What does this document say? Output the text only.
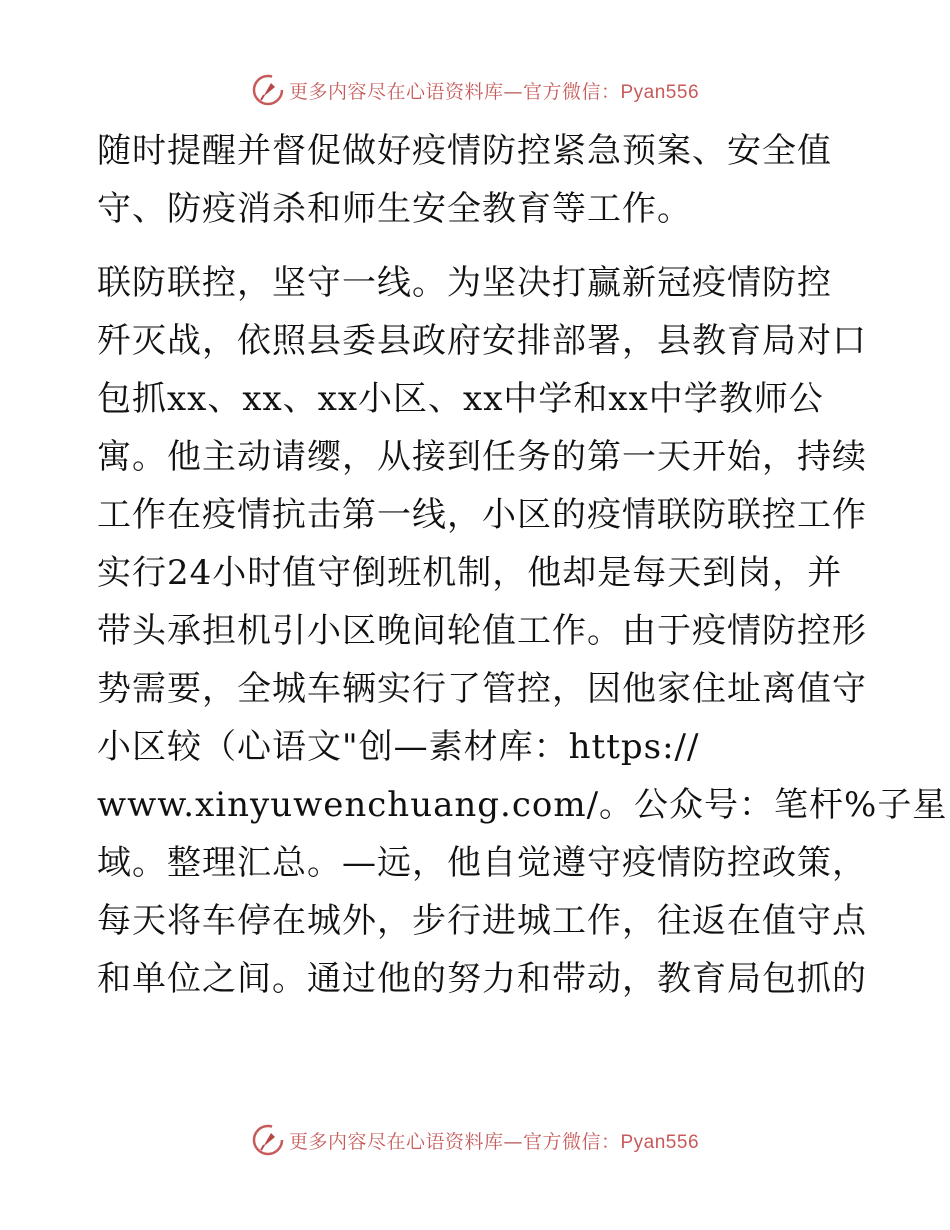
更多内容尽在心语资料库—官方微信：Pyan556
随时提醒并督促做好疫情防控紧急预案、安全值
守、防疫消杀和师生安全教育等工作。
联防联控，坚守一线。为坚决打赢新冠疫情防控
歼灭战，依照县委县政府安排部署，县教育局对口
包抓xx、xx、xx小区、xx中学和xx中学教师公
寓。他主动请缨，从接到任务的第一天开始，持续
工作在疫情抗击第一线，小区的疫情联防联控工作
实行24小时值守倒班机制，他却是每天到岗，并
带头承担机引小区晚间轮值工作。由于疫情防控形
势需要，全城车辆实行了管控，因他家住址离值守
小区较（心语文"创—素材库：https://
www.xinyuwenchuang.com/。公众号：笔杆%子星
域。整理汇总。—远，他自觉遵守疫情防控政策，
每天将车停在城外，步行进城工作，往返在值守点
和单位之间。通过他的努力和带动，教育局包抓的
更多内容尽在心语资料库—官方微信：Pyan556
